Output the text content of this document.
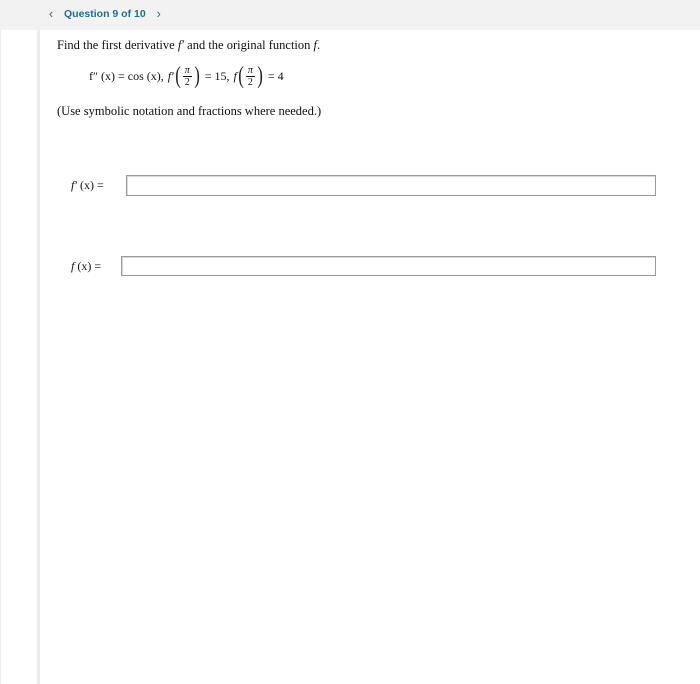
‹	Question 9 of 10 ›
Find the first derivative f′ and the original function f.
f″ (x) = cos (x), f′ ( $\frac{\pi}{2}$ ) = 15, f ( $\frac{\pi}{2}$ ) = 4
(Use symbolic notation and fractions where needed.)
f′ (x) =
f (x) =
